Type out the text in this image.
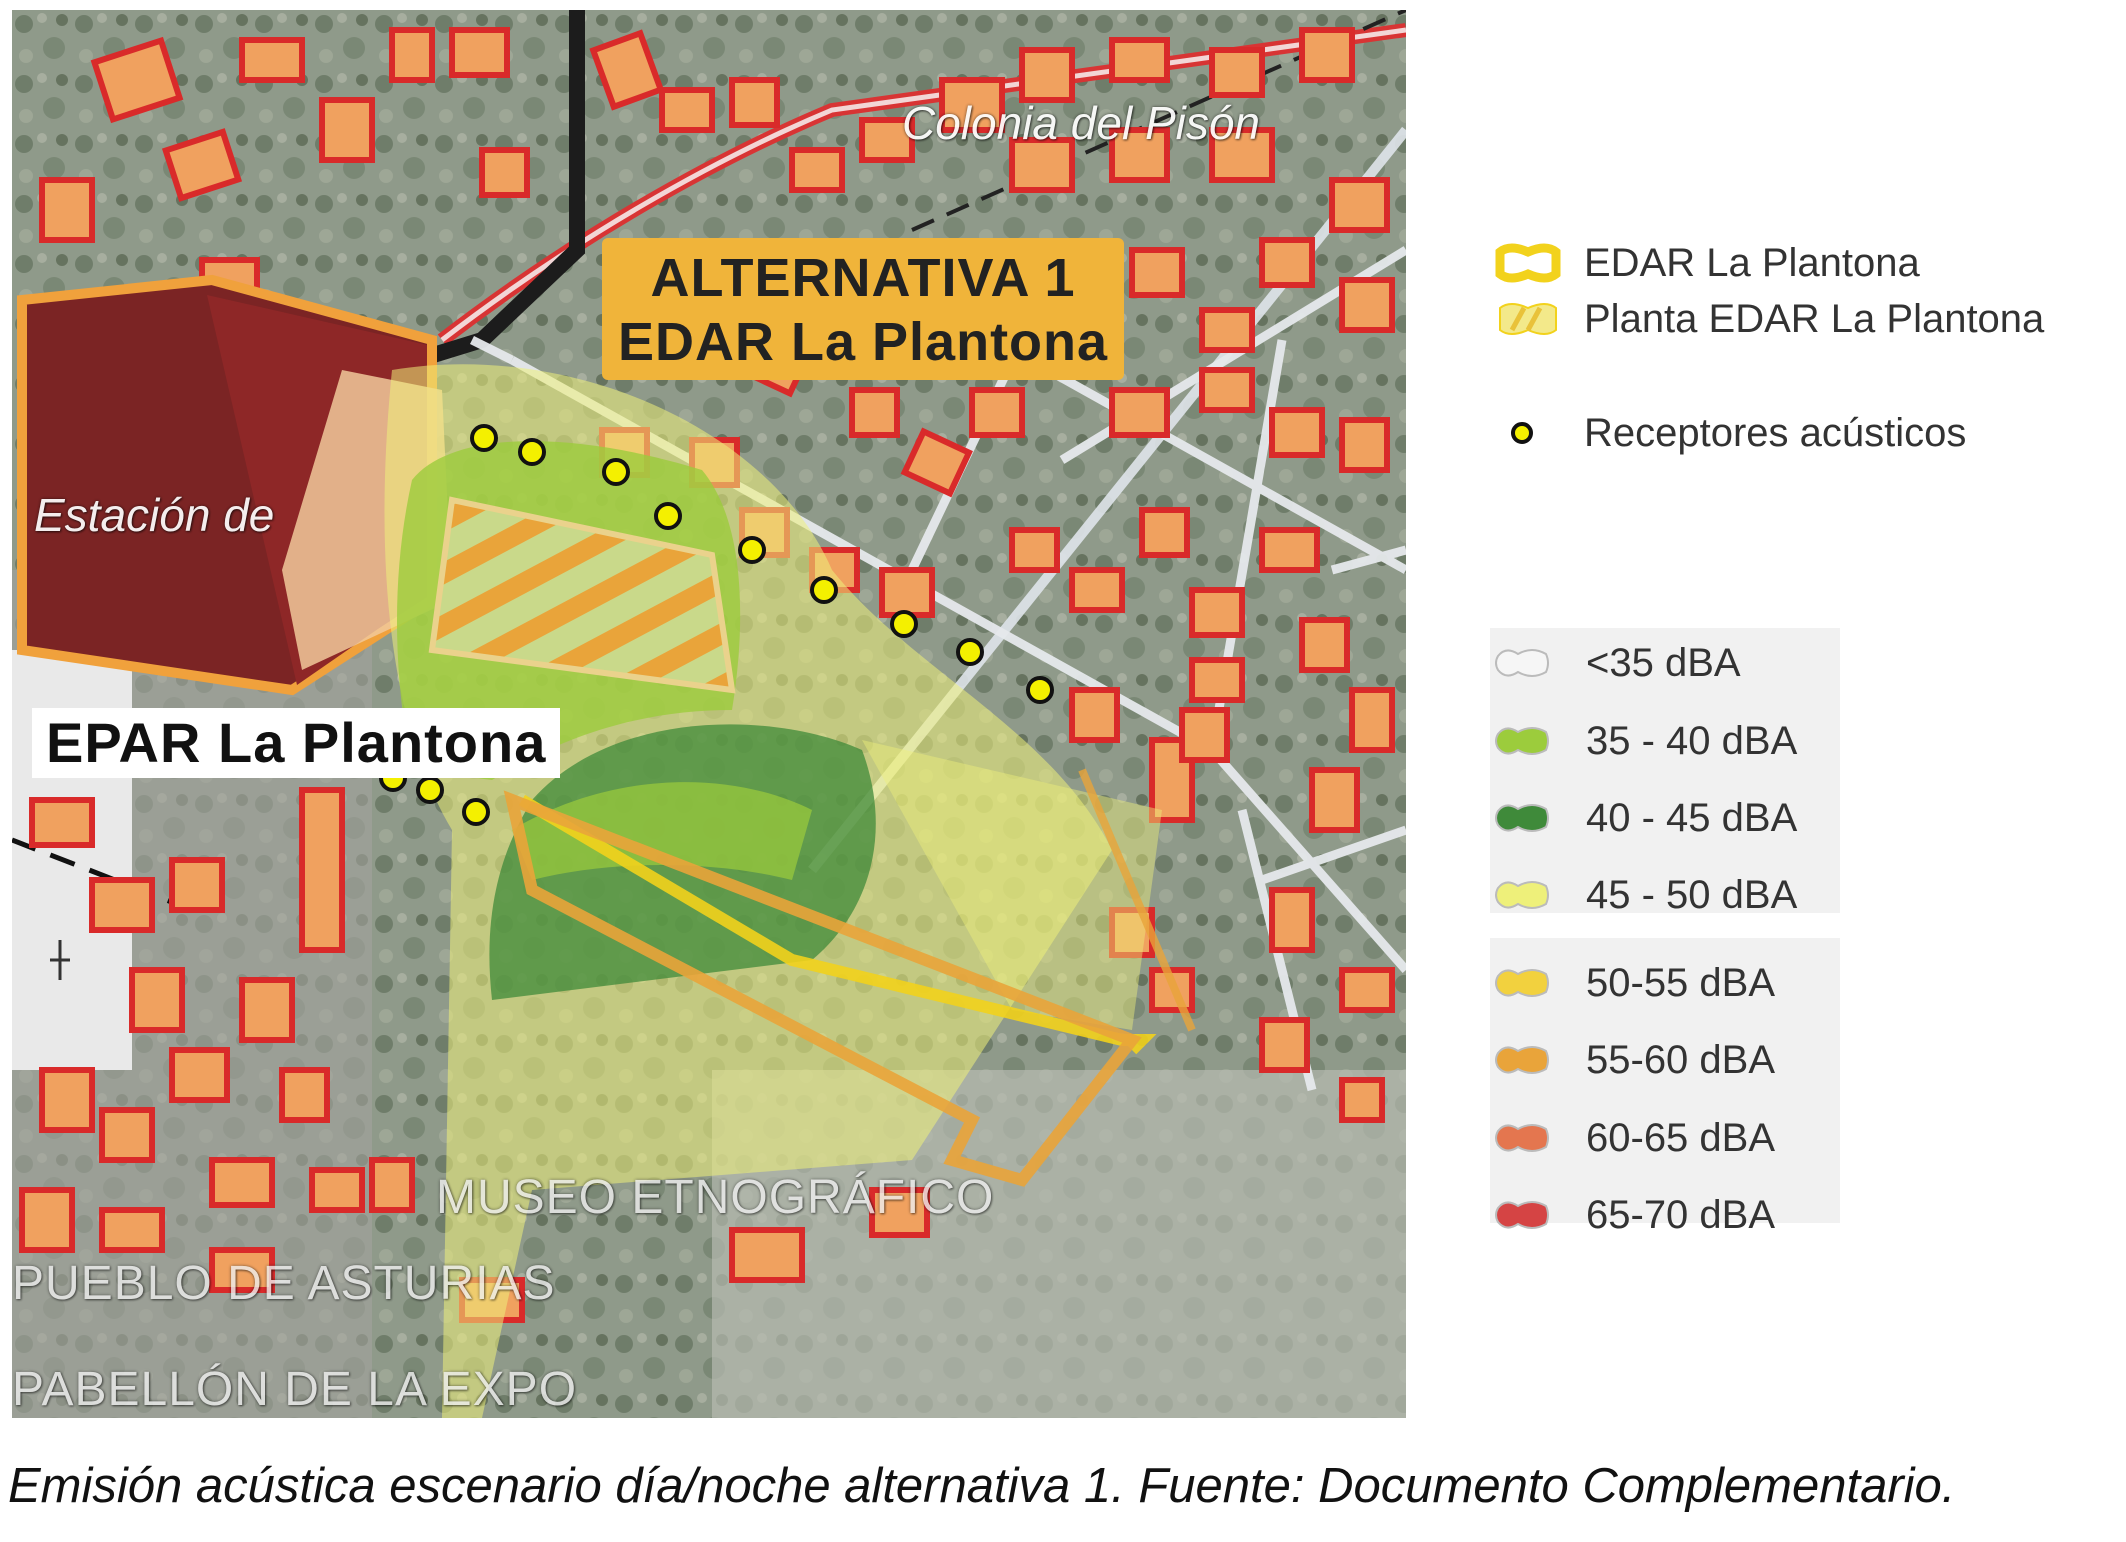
Colonia del Pisón

Estación de

MUSEO ETNOGRÁFICO

PUEBLO DE ASTURIAS

PABELLÓN DE LA EXPO

ALTERNATIVA 1
EDAR La Plantona
EPAR La Plantona
EDAR La Plantona
Planta EDAR La Plantona
Receptores acústicos
<35 dBA
35 - 40 dBA
40 - 45 dBA
45 - 50 dBA
50-55 dBA
55-60 dBA
60-65 dBA
65-70 dBA
Emisión acústica escenario día/noche alternativa 1. Fuente: Documento Complementario.
